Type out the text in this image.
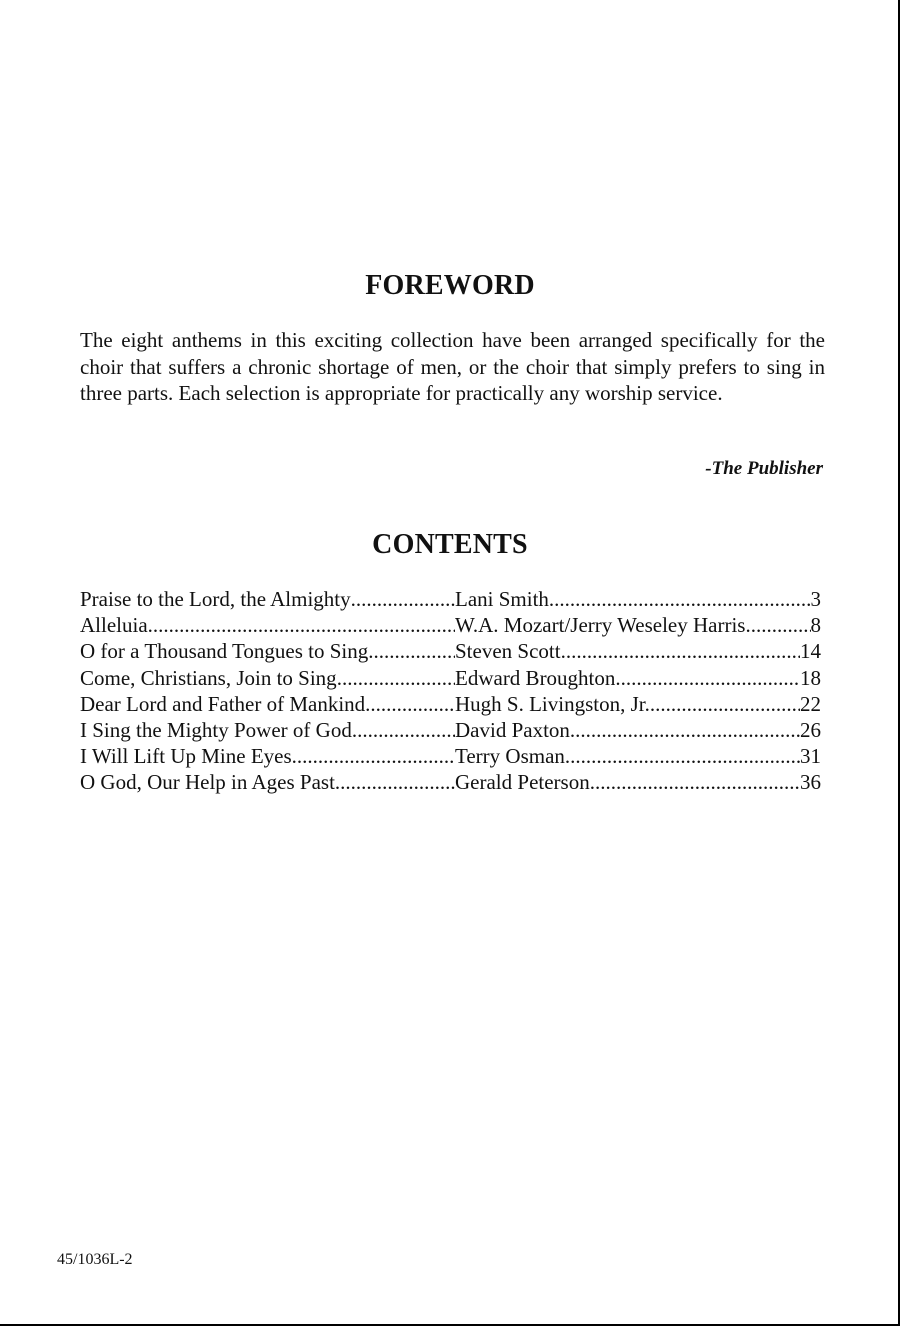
FOREWORD

The eight anthems in this exciting collection have been arranged specifically for the choir that suffers a chronic shortage of men, or the choir that simply prefers to sing in three parts. Each selection is appropriate for practically any worship service.

-The Publisher

CONTENTS
Praise to the Lord, the Almighty .....	Lani Smith .....	3
Alleluia .....	W.A. Mozart/Jerry Weseley Harris .....	8
O for a Thousand Tongues to Sing .....	Steven Scott .....	14
Come, Christians, Join to Sing .....	Edward Broughton .....	18
Dear Lord and Father of Mankind .....	Hugh S. Livingston, Jr. .....	22
I Sing the Mighty Power of God .....	David Paxton .....	26
I Will Lift Up Mine Eyes .....	Terry Osman .....	31
O God, Our Help in Ages Past .....	Gerald Peterson .....	36

45/1036L-2
